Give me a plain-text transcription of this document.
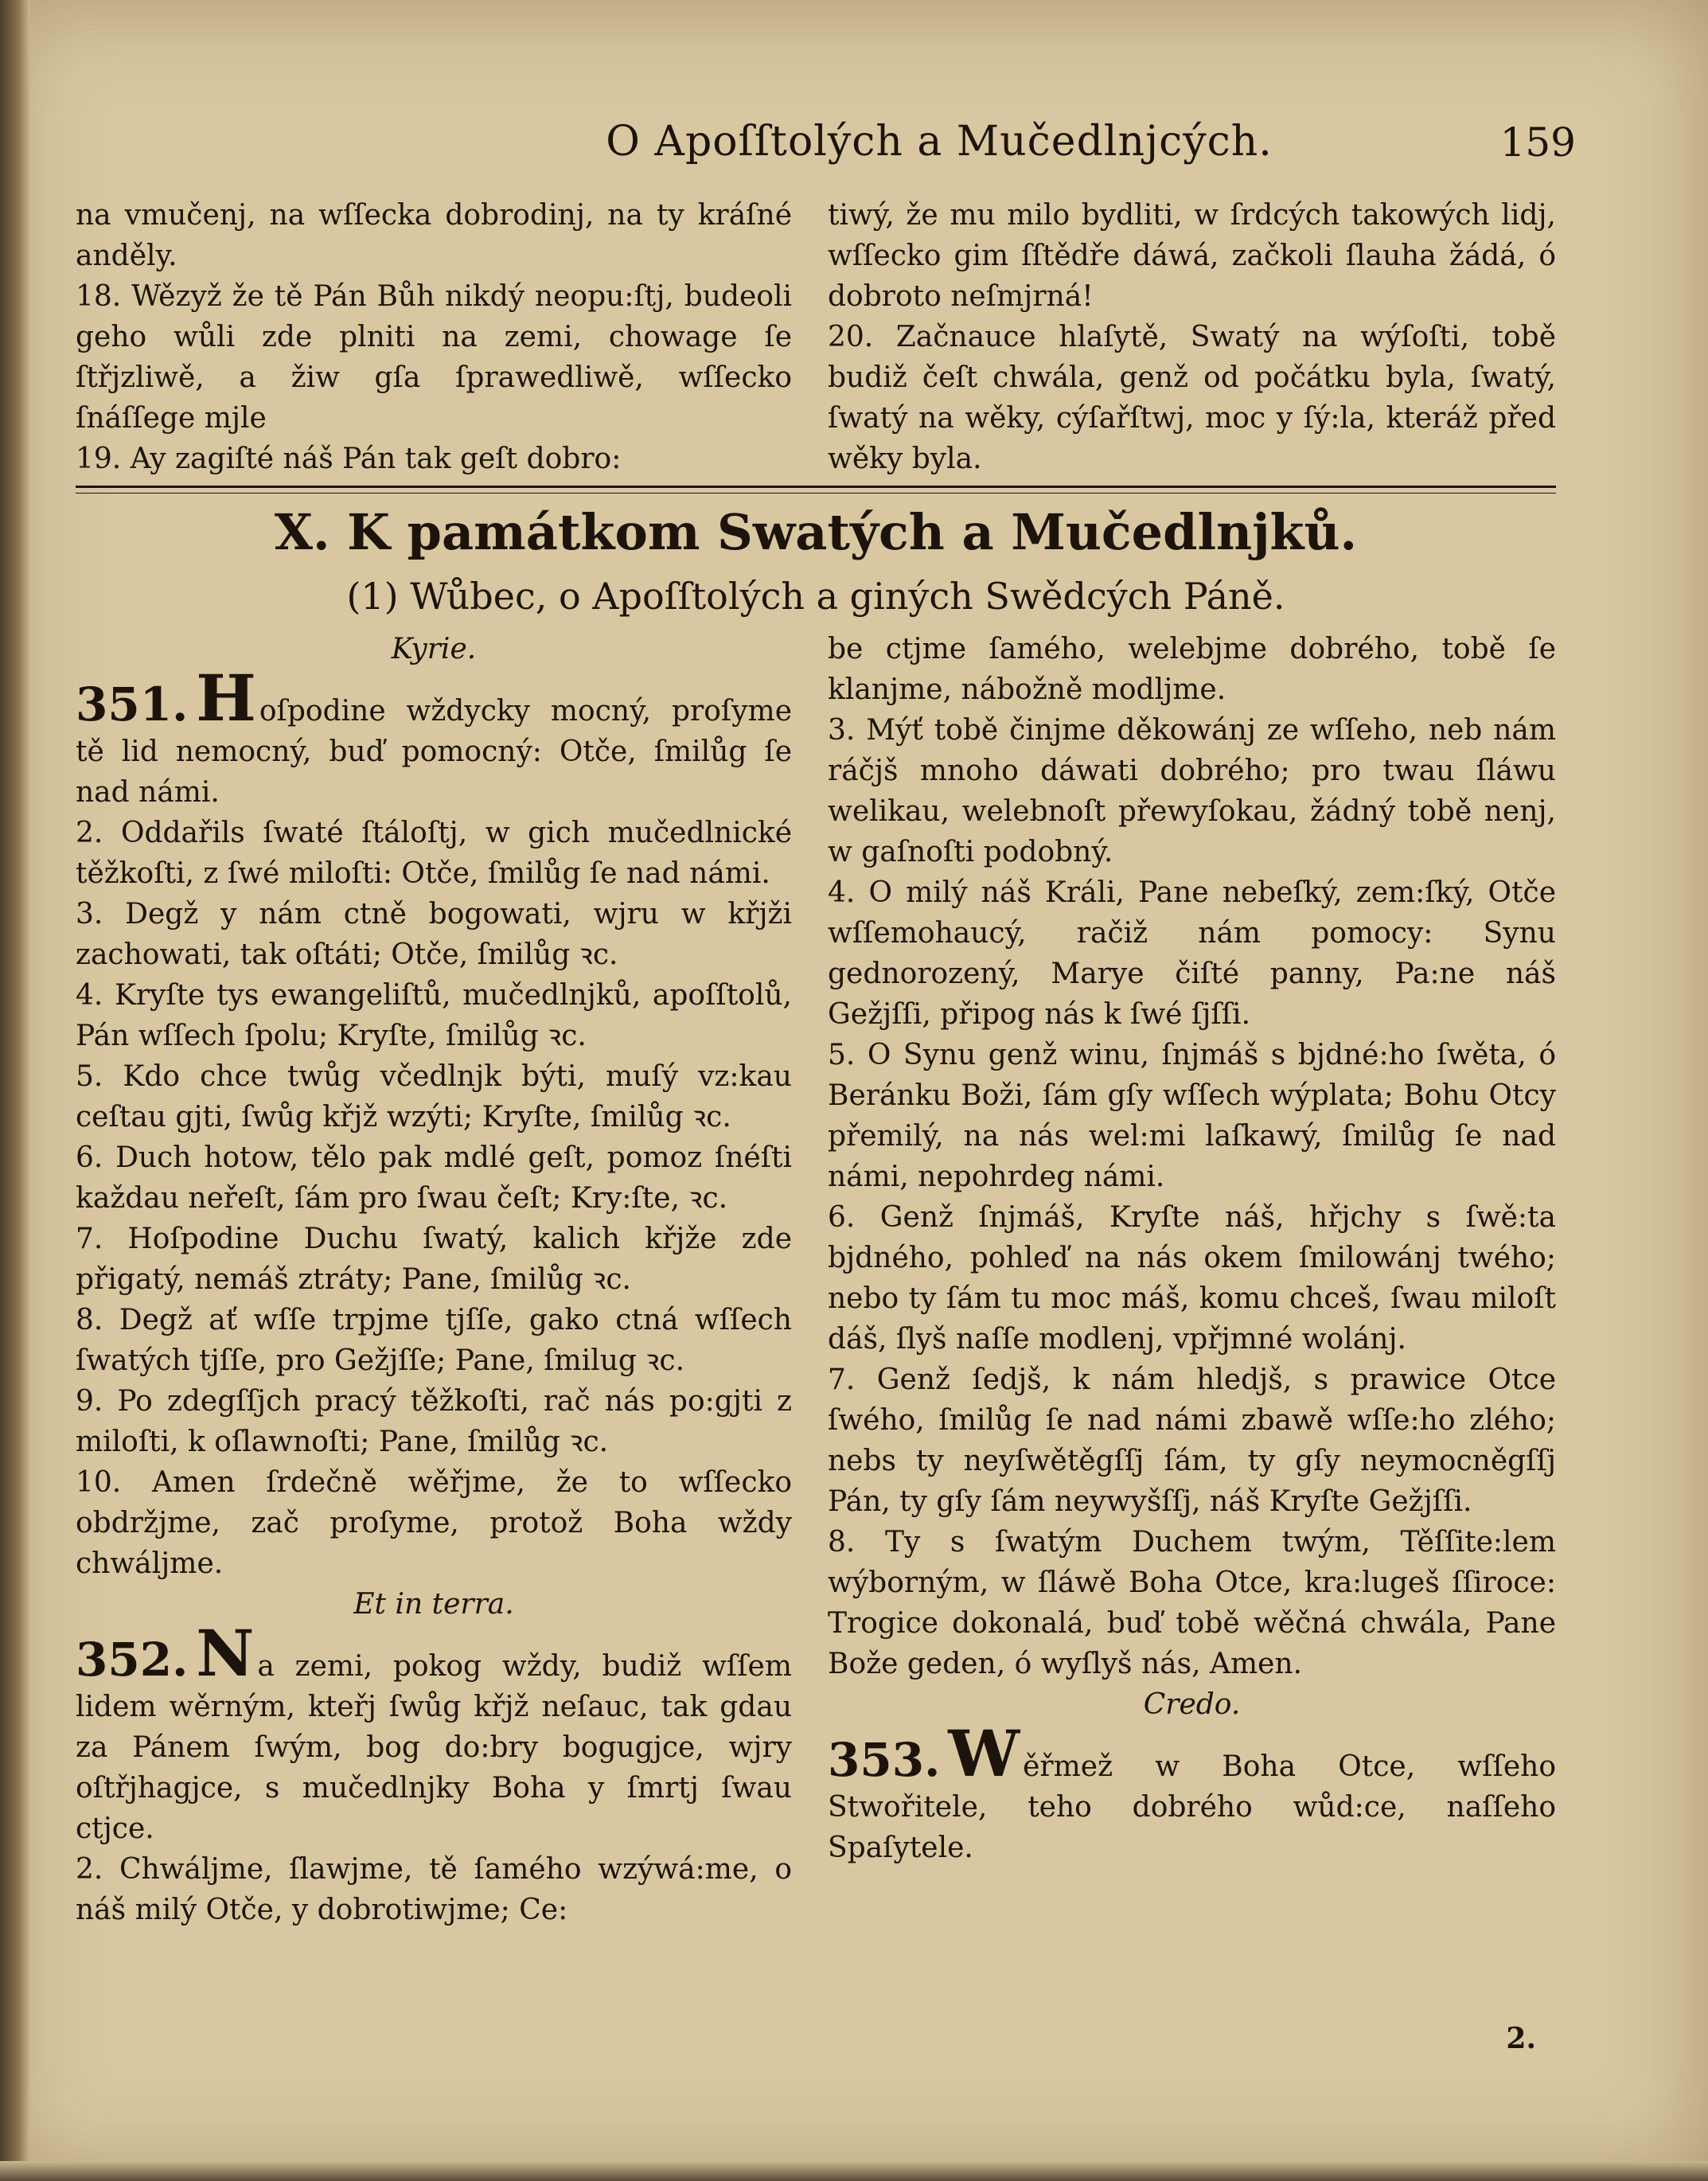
O Apoſſtolých a Mučedlnjcých.	159

na vmučenj, na wſſecka dobrodinj, na ty kráſné anděly.

18. Wězyž že tě Pán Bůh nikdý neopu:ſtj, budeoli geho wůli zde plniti na zemi, chowage ſe ſtřjzliwě, a žiw gſa ſprawedliwě, wſſecko ſnáſſege mjle

19. Ay zagiſté náš Pán tak geſt dobro:

tiwý, že mu milo bydliti, w ſrdcých takowých lidj, wſſecko gim ſſtědře dáwá, začkoli ſlauha žádá, ó dobroto neſmjrná!

20. Začnauce hlaſytě, Swatý na wýſoſti, tobě budiž čeſt chwála, genž od počátku byla, ſwatý, ſwatý na wěky, cýſařſtwj, moc y ſý:la, kteráž před wěky byla.

X. K památkom Swatých a Mučedlnjků.
(1) Wůbec, o Apoſſtolých a giných Swědcých Páně.

Kyrie.

351. H oſpodine wždycky mocný, proſyme tě lid nemocný, buď pomocný: Otče, ſmilůg ſe nad námi.

2. Oddařils ſwaté ſtáloſtj, w gich mučedlnické těžkoſti, z ſwé miloſti: Otče, ſmilůg ſe nad námi.

3. Degž y nám ctně bogowati, wjru w křjži zachowati, tak oſtáti; Otče, ſmilůg ꝛc.

4. Kryſte tys ewangeliſtů, mučedlnjků, apoſſtolů, Pán wſſech ſpolu; Kryſte, ſmilůg ꝛc.

5. Kdo chce twůg včedlnjk býti, muſý vz:kau ceſtau gjti, ſwůg křjž wzýti; Kryſte, ſmilůg ꝛc.

6. Duch hotow, tělo pak mdlé geſt, pomoz ſnéſti každau neřeſt, ſám pro ſwau čeſt; Kry:ſte, ꝛc.

7. Hoſpodine Duchu ſwatý, kalich křjže zde přigatý, nemáš ztráty; Pane, ſmilůg ꝛc.

8. Degž ať wſſe trpjme tjſſe, gako ctná wſſech ſwatých tjſſe, pro Gežjſſe; Pane, ſmilug ꝛc.

9. Po zdegſſjch pracý těžkoſti, rač nás po:gjti z miloſti, k oſlawnoſti; Pane, ſmilůg ꝛc.

10. Amen ſrdečně wěřjme, že to wſſecko obdržjme, zač proſyme, protož Boha wždy chwáljme.

Et in terra.

352. N a zemi, pokog wždy, budiž wſſem lidem wěrným, kteřj ſwůg křjž neſauc, tak gdau za Pánem ſwým, bog do:bry bogugjce, wjry oſtřjhagjce, s mučedlnjky Boha y ſmrtj ſwau ctjce.

2. Chwáljme, ſlawjme, tě ſamého wzýwá:me, o náš milý Otče, y dobrotiwjme; Ce:

be ctjme ſamého, welebjme dobrého, tobě ſe klanjme, nábožně modljme.

3. Mýť tobě činjme děkowánj ze wſſeho, neb nám ráčjš mnoho dáwati dobrého; pro twau ſláwu welikau, welebnoſt přewyſokau, žádný tobě nenj, w gaſnoſti podobný.

4. O milý náš Králi, Pane nebeſký, zem:ſký, Otče wſſemohaucý, račiž nám pomocy: Synu gednorozený, Marye čiſté panny, Pa:ne náš Gežjſſi, připog nás k ſwé ſjſſi.

5. O Synu genž winu, ſnjmáš s bjdné:ho ſwěta, ó Beránku Boži, ſám gſy wſſech wýplata; Bohu Otcy přemilý, na nás wel:mi laſkawý, ſmilůg ſe nad námi, nepohrdeg námi.

6. Genž ſnjmáš, Kryſte náš, hřjchy s ſwě:ta bjdného, pohleď na nás okem ſmilowánj twého; nebo ty ſám tu moc máš, komu chceš, ſwau miloſt dáš, ſlyš naſſe modlenj, vpřjmné wolánj.

7. Genž ſedjš, k nám hledjš, s prawice Otce ſwého, ſmilůg ſe nad námi zbawě wſſe:ho zlého; nebs ty neyſwětěgſſj ſám, ty gſy neymocněgſſj Pán, ty gſy ſám neywyšſſj, náš Kryſte Gežjſſi.

8. Ty s ſwatým Duchem twým, Těſſite:lem wýborným, w ſláwě Boha Otce, kra:lugeš ſſiroce: Trogice dokonalá, buď tobě wěčná chwála, Pane Bože geden, ó wyſlyš nás, Amen.

Credo.

353. W ěřmež w Boha Otce, wſſeho Stwořitele, teho dobrého wůd:ce, naſſeho Spaſytele.

2.
